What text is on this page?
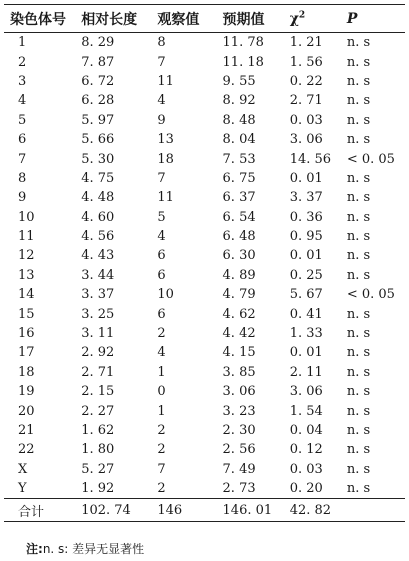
染色体号	相对长度	观察值	预期值	$\chi^2$	P
1	8. 29	8	11. 78	1. 21	n. s
2	7. 87	7	11. 18	1. 56	n. s
3	6. 72	11	9. 55	0. 22	n. s
4	6. 28	4	8. 92	2. 71	n. s
5	5. 97	9	8. 48	0. 03	n. s
6	5. 66	13	8. 04	3. 06	n. s
7	5. 30	18	7. 53	14. 56	< 0. 05
8	4. 75	7	6. 75	0. 01	n. s
9	4. 48	11	6. 37	3. 37	n. s
10	4. 60	5	6. 54	0. 36	n. s
11	4. 56	4	6. 48	0. 95	n. s
12	4. 43	6	6. 30	0. 01	n. s
13	3. 44	6	4. 89	0. 25	n. s
14	3. 37	10	4. 79	5. 67	< 0. 05
15	3. 25	6	4. 62	0. 41	n. s
16	3. 11	2	4. 42	1. 33	n. s
17	2. 92	4	4. 15	0. 01	n. s
18	2. 71	1	3. 85	2. 11	n. s
19	2. 15	0	3. 06	3. 06	n. s
20	2. 27	1	3. 23	1. 54	n. s
21	1. 62	2	2. 30	0. 04	n. s
22	1. 80	2	2. 56	0. 12	n. s
X	5. 27	7	7. 49	0. 03	n. s
Y	1. 92	2	2. 73	0. 20	n. s
合计	102. 74	146	146. 01	42. 82	
注:n. s: 差异无显著性
